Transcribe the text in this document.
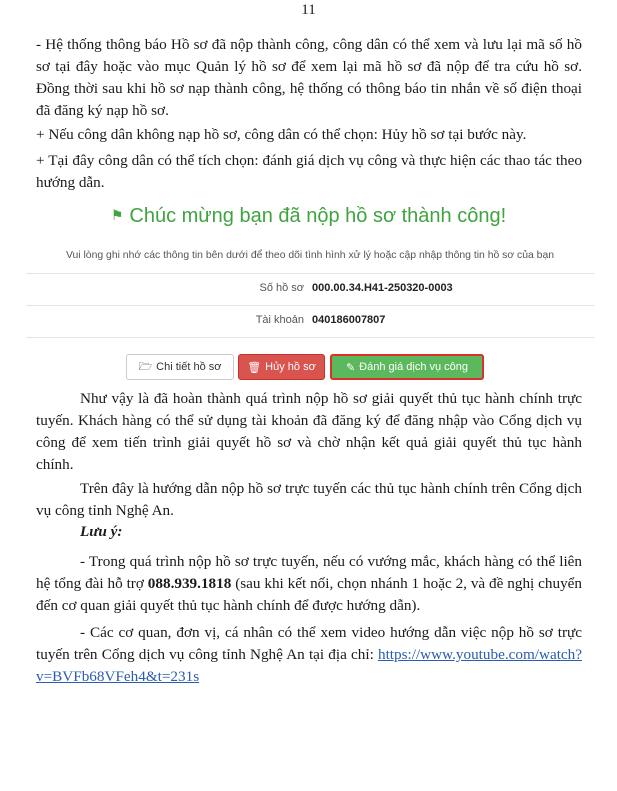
11

- Hệ thống thông báo Hồ sơ đã nộp thành công, công dân có thể xem và lưu lại mã số hồ sơ tại đây hoặc vào mục Quản lý hồ sơ để xem lại mã hồ sơ đã nộp để tra cứu hồ sơ. Đồng thời sau khi hồ sơ nạp thành công, hệ thống có thông báo tin nhắn về số điện thoại đã đăng ký nạp hồ sơ.

+ Nếu công dân không nạp hồ sơ, công dân có thể chọn: Hủy hồ sơ tại bước này.

+ Tại đây công dân có thể tích chọn: đánh giá dịch vụ công và thực hiện các thao tác theo hướng dẫn.

⚑ Chúc mừng bạn đã nộp hồ sơ thành công!
Vui lòng ghi nhớ các thông tin bên dưới để theo dõi tình hình xử lý hoặc cập nhập thông tin hồ sơ của bạn
Số hồ sơ 000.00.34.H41-250320-0003
Tài khoản 040186007807
🗁 Chi tiết hồ sơ 🗑 Hủy hồ sơ	✎ Đánh giá dịch vụ công

Như vậy là đã hoàn thành quá trình nộp hồ sơ giải quyết thủ tục hành chính trực tuyến. Khách hàng có thể sử dụng tài khoản đã đăng ký để đăng nhập vào Cổng dịch vụ công để xem tiến trình giải quyết hồ sơ và chờ nhận kết quả giải quyết thủ tục hành chính.

Trên đây là hướng dẫn nộp hồ sơ trực tuyến các thủ tục hành chính trên Cổng dịch vụ công tỉnh Nghệ An.

Lưu ý:

- Trong quá trình nộp hồ sơ trực tuyến, nếu có vướng mắc, khách hàng có thể liên hệ tổng đài hỗ trợ 088.939.1818 (sau khi kết nối, chọn nhánh 1 hoặc 2, và đề nghị chuyển đến cơ quan giải quyết thủ tục hành chính để được hướng dẫn).

- Các cơ quan, đơn vị, cá nhân có thể xem video hướng dẫn việc nộp hồ sơ trực tuyến trên Cổng dịch vụ công tỉnh Nghệ An tại địa chỉ: https://www.youtube.com/watch?v=BVFb68VFeh4&t=231s
